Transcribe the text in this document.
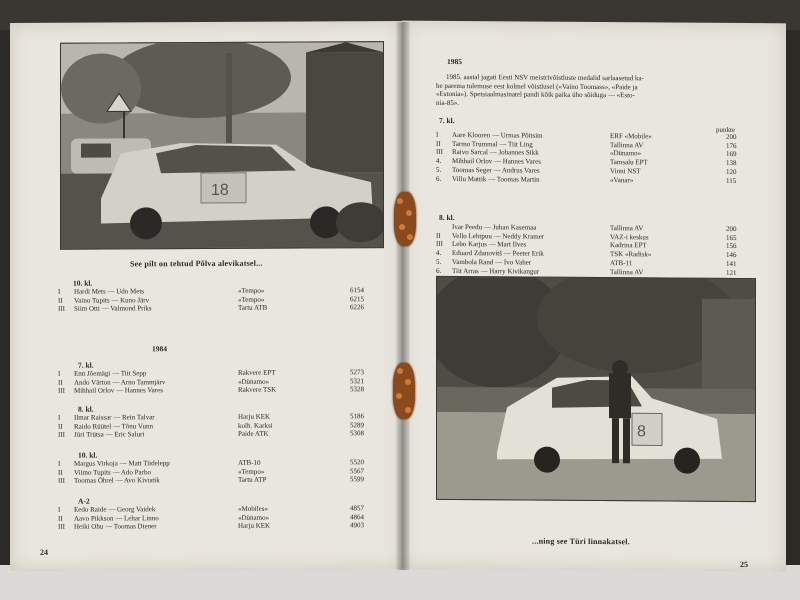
18
See pilt on tehtud Põlva alevikatsel...
10. kl.
I Hardi Mets — Udo Mets	«Tempo»	6154
II Vaino Tupits — Kuno Järv	«Tempo»	6215
III Siim Otti — Valmond Priks	Tartu ATB	6226
1984
7. kl.
I Enn Jõemägi — Tiit Sepp	Rakvere EPT	5273
II Ando Vārton — Arno Tammjärv	«Dünamo»	5321
III Mihhail Orlov — Hannes Vares	Rakvere TSK	5328
8. kl.
I Ilmar Raissar — Rein Talvar	Harju KEK	5186
II Raido Rüütel — Tõnu Vunn	kolh. Karksi	5289
III Jüri Trütsa — Eric Saluri	Paide ATK	5308
10. kl.
I Margus Virkoja — Matt Tiidelepp	ATB-10	5520
II Viimo Tupits — Ado Parbo	«Tempo»	5567
III Toomas Õhrel — Avo Kivistik	Tartu ATP	5599
A-2
I Eedo Raide — Georg Vaidek	«Mobiles»	4857
II Aavo Pikkson — Lehar Linno	«Dünamo»	4864
III Heiki Ohu — Toomas Diener	Harju KEK	4903
24
1985
1985. aastal jagati Eesti NSV meistrivõistluste medalid sarlaasetud ka-
he parema tulemuse eest kolmel võistlusel («Vaino Toomass», «Paide ja
«Estonia»). Spetsiaalmasinatel pandi kõik paika üho sõiduga — «Esto-
nia-85».
7. kl.
punkte
I Aare Klooren — Urmas Põitsim	ERF «Mobile»	200
II Tarmo Trummal — Tiit Ling	Tallinna AV	176
III Raivo Sarcal — Johannes Sikk	«Dünamo»	169
4. Mihhail Orlov — Hannes Vares	Tamsalu EPT	138
5. Toomas Seger — Andrus Vares	Vinni NST	120
6. Villu Mattik — Toomas Martin	«Vanar»	115
8. kl.
Ivar Peedu — Juhan Kasemaa	Tallinna AV	200
II Vello Lehtpuu — Neddy Kramer	VAZ-i keskus	165
III Lebo Karjus — Mart Ilves	Kadrina EPT	156
4. Eduard Zdanovitš — Peeter Erik	TSK «Radisk»	146
5. Vambola Rand — Ivo Vaher	ATB-11	141
6. Tiit Arras — Harry Kivikangur	Tallinna AV	121
8
...ning see Türi linnakatsel.
25
